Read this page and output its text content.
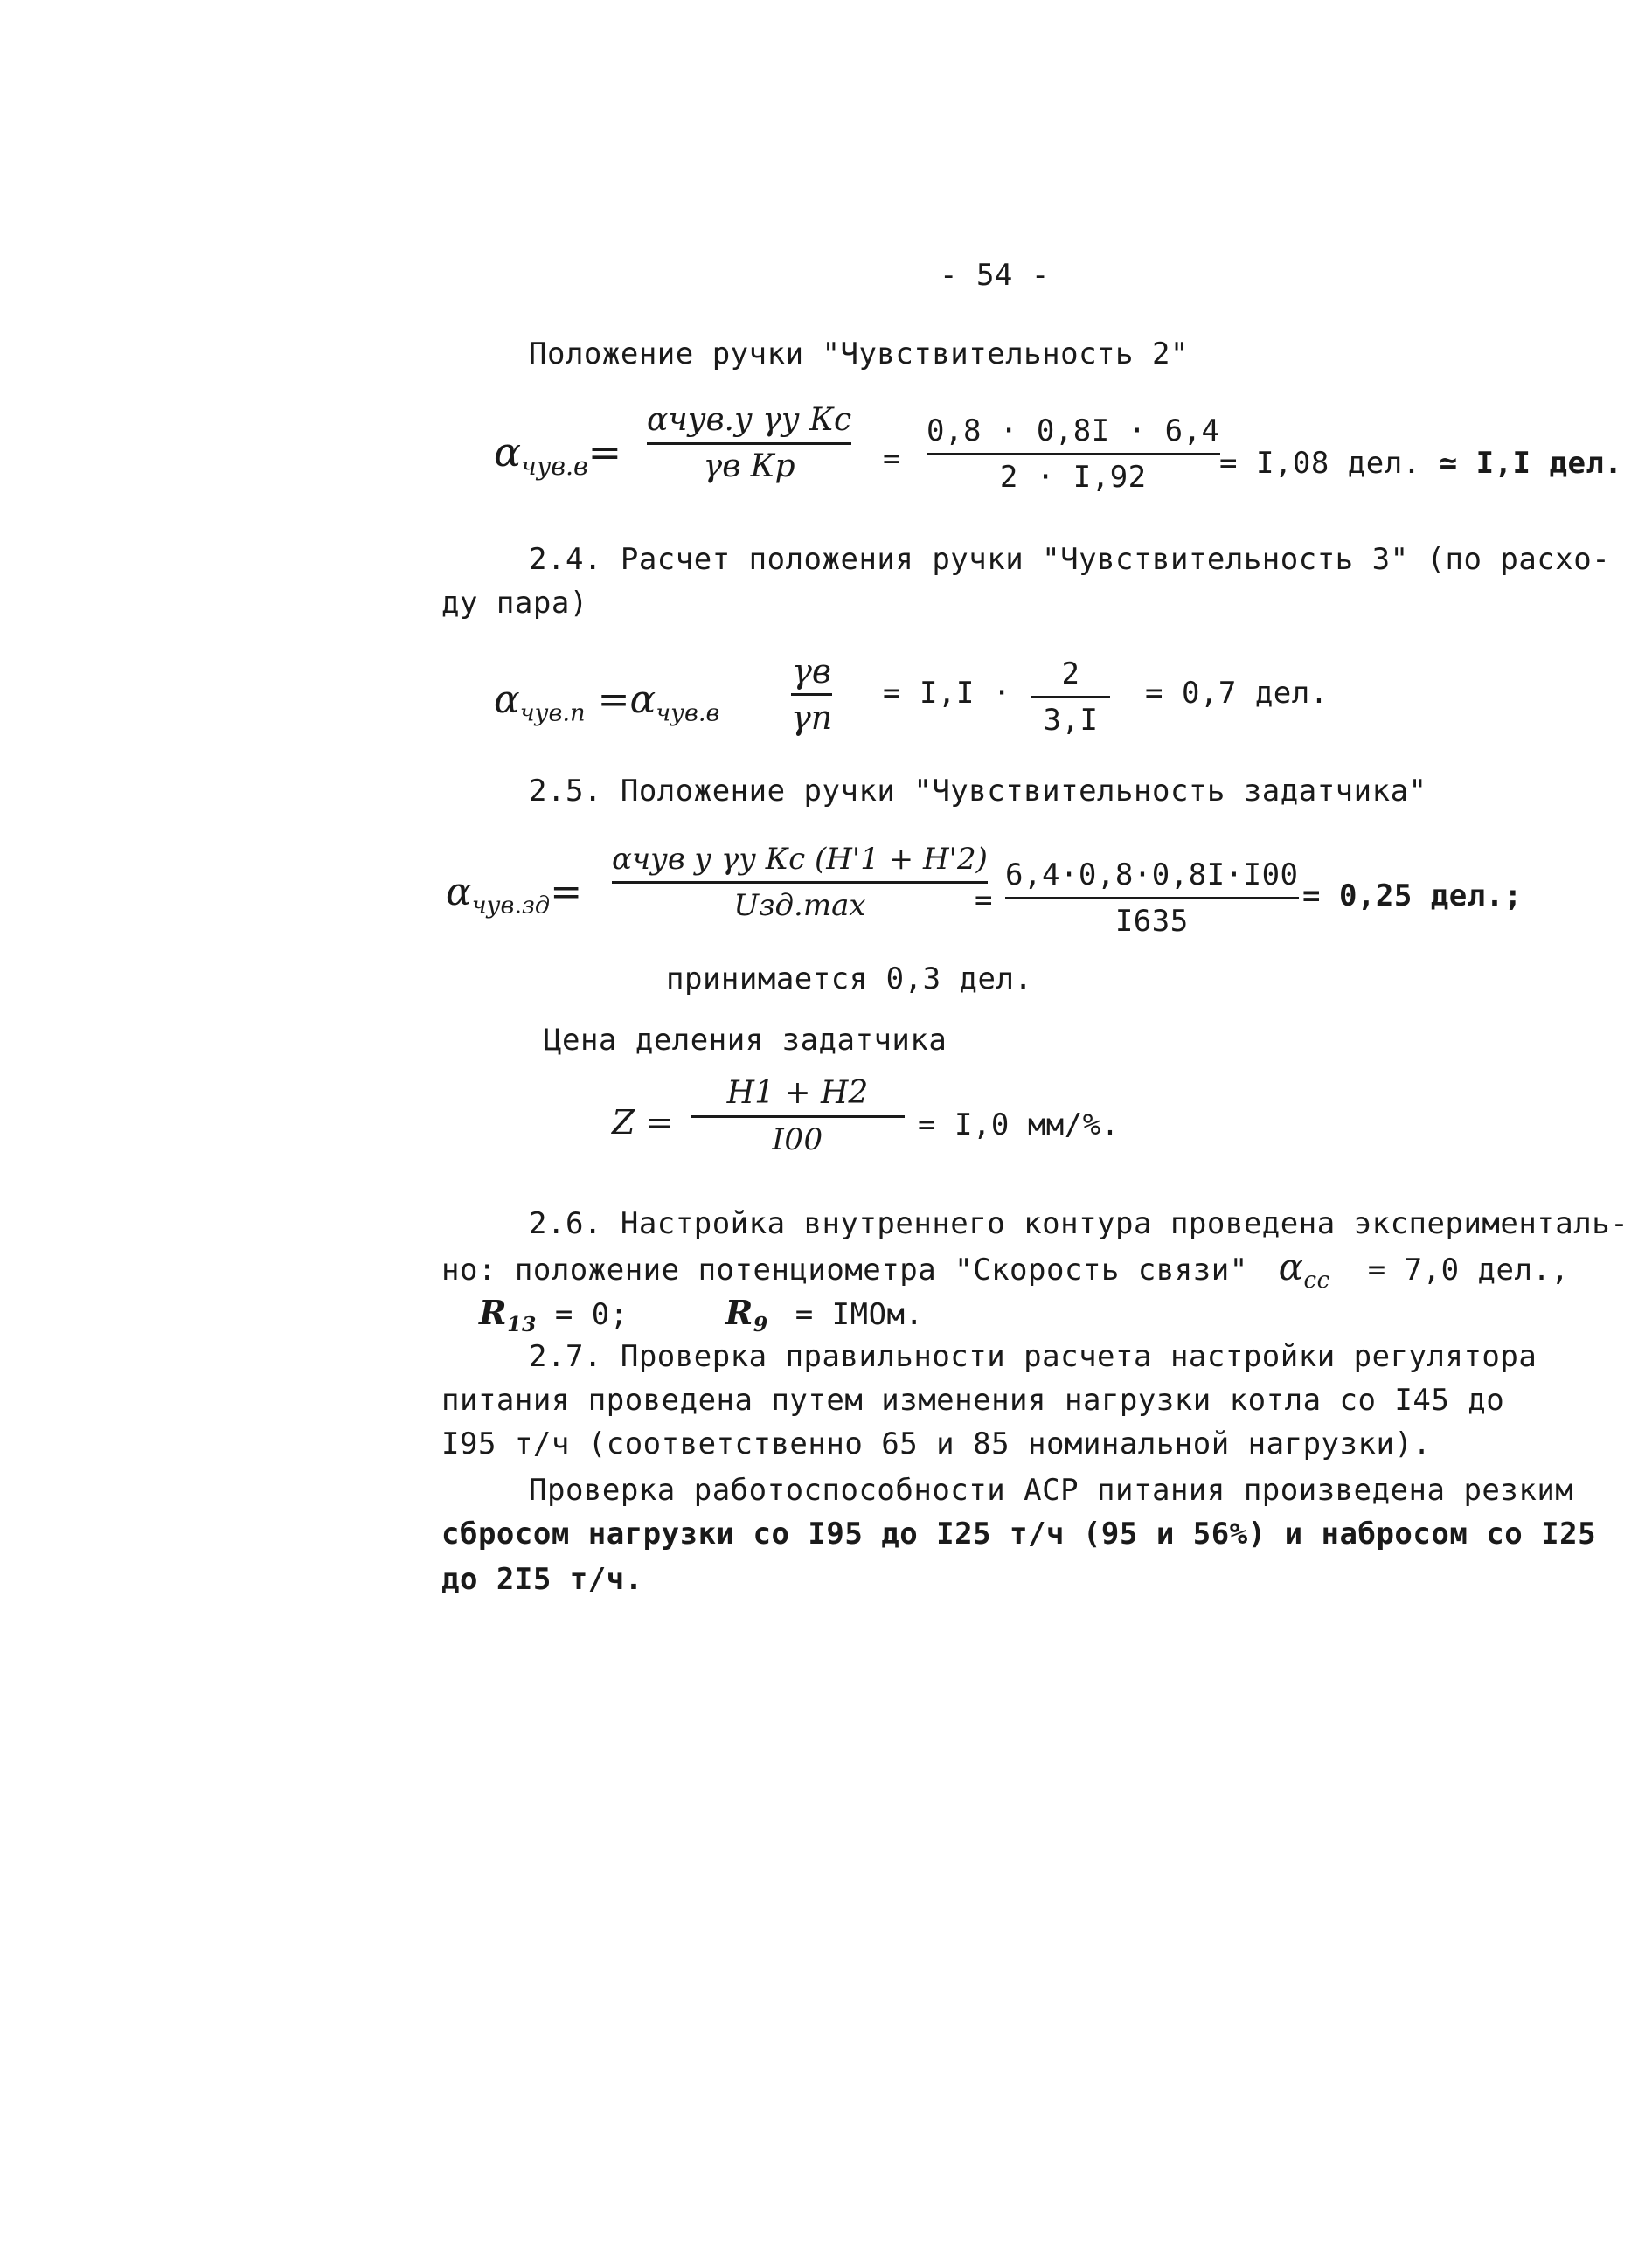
- 54 -
Положение ручки "Чувствительность 2"
$\alpha_{чув.в}=$
αчув.у γу Кс
γв Кр	=
0,8 · 0,8I · 6,4
2 · I,92 = I,08 дел. ≃ I,I дел.
2.4. Расчет положения ручки "Чувствительность 3" (по расхо-
ду пара)
$\alpha_{чув.п} =\alpha_{чув.в}$
γв
γп
= I,I ·
2
3,I
= 0,7 дел.
2.5. Положение ручки "Чувствительность задатчика"
$\alpha_{чув.зд}=$
αчув у γу Кс (H'1 + H'2)
Uзд.max	=
6,4·0,8·0,8I·I00
I635
= 0,25 дел.;
принимается 0,3 дел.
Цена деления задатчика
Z =
H1 + H2
I00	= I,0 мм/%.
2.6. Настройка внутреннего контура проведена эксперименталь-
но: положение потенциометра "Скорость связи" $\alpha_{сс} = 7,0$ дел.,
$R_{13} = 0$;	$R_9$ = IМОм.
2.7. Проверка правильности расчета настройки регулятора
питания проведена путем изменения нагрузки котла со I45 до
I95 т/ч (соответственно 65 и 85 номинальной нагрузки).
Проверка работоспособности АСР питания произведена резким
сбросом нагрузки со I95 до I25 т/ч (95 и 56%) и набросом со I25
до 2I5 т/ч.
